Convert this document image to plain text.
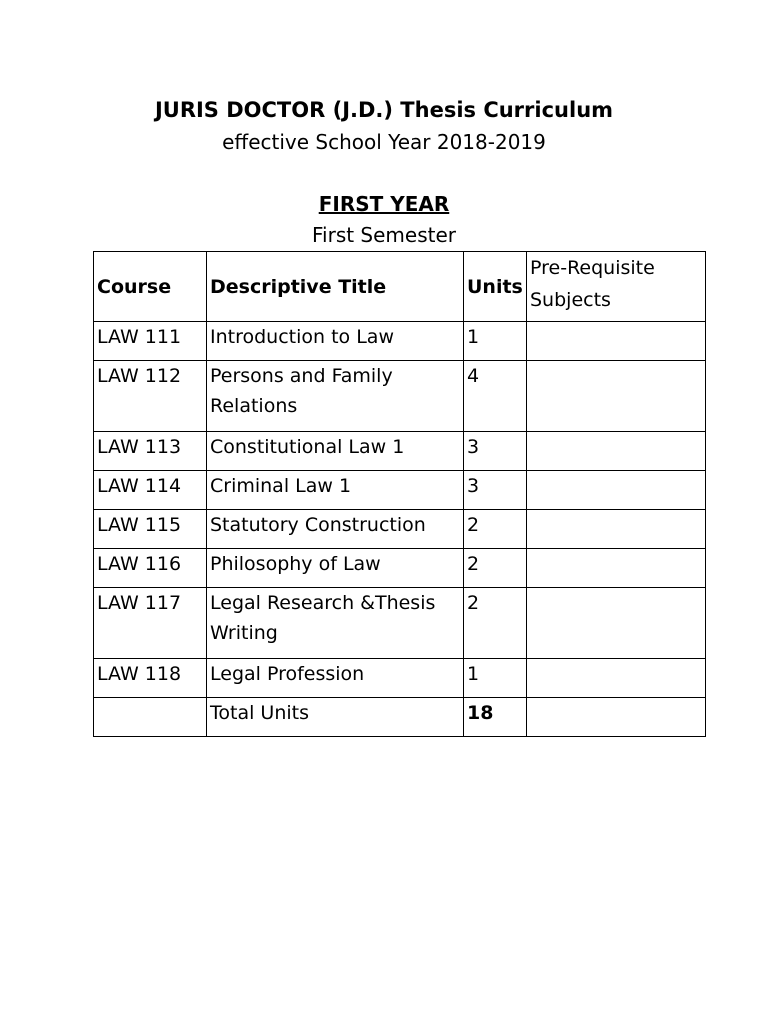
JURIS DOCTOR (J.D.) Thesis Curriculum
effective School Year 2018-2019
FIRST YEAR
First Semester
Course	Descriptive Title	Units	Pre-Requisite Subjects
LAW 111	Introduction to Law	1	
LAW 112	Persons and Family Relations	4	
LAW 113	Constitutional Law 1	3	
LAW 114	Criminal Law 1	3	
LAW 115	Statutory Construction	2	
LAW 116	Philosophy of Law	2	
LAW 117	Legal Research &Thesis Writing	2	
LAW 118	Legal Profession	1	
	Total Units	18	
